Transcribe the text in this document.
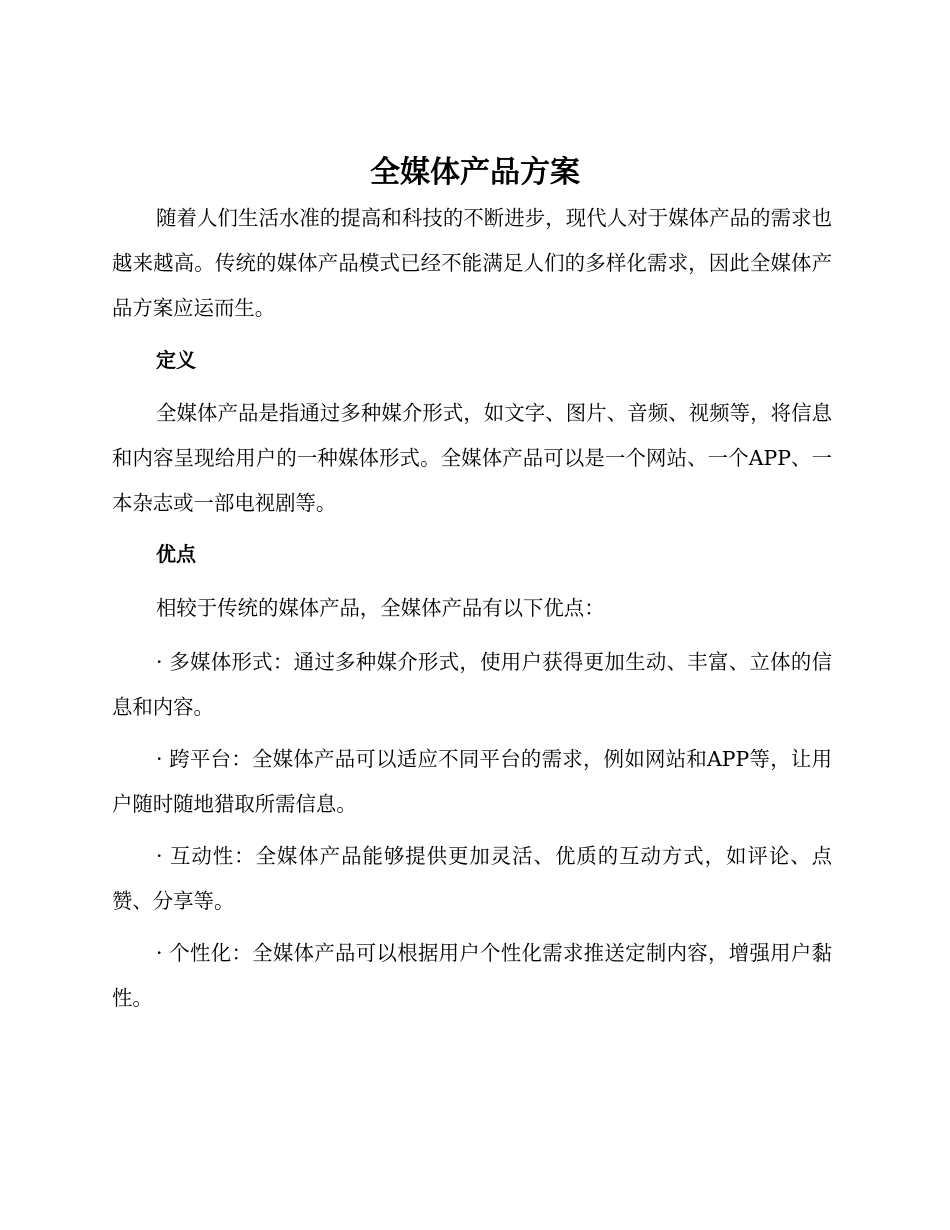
全媒体产品方案

随着人们生活水准的提高和科技的不断进步，现代人对于媒体产品的需求也越来越高。传统的媒体产品模式已经不能满足人们的多样化需求，因此全媒体产品方案应运而生。

定义

全媒体产品是指通过多种媒介形式，如文字、图片、音频、视频等，将信息和内容呈现给用户的一种媒体形式。全媒体产品可以是一个网站、一个APP、一本杂志或一部电视剧等。

优点

相较于传统的媒体产品，全媒体产品有以下优点：

· 多媒体形式：通过多种媒介形式，使用户获得更加生动、丰富、立体的信息和内容。

· 跨平台：全媒体产品可以适应不同平台的需求，例如网站和APP等，让用户随时随地猎取所需信息。

· 互动性：全媒体产品能够提供更加灵活、优质的互动方式，如评论、点赞、分享等。

· 个性化：全媒体产品可以根据用户个性化需求推送定制内容，增强用户黏性。
